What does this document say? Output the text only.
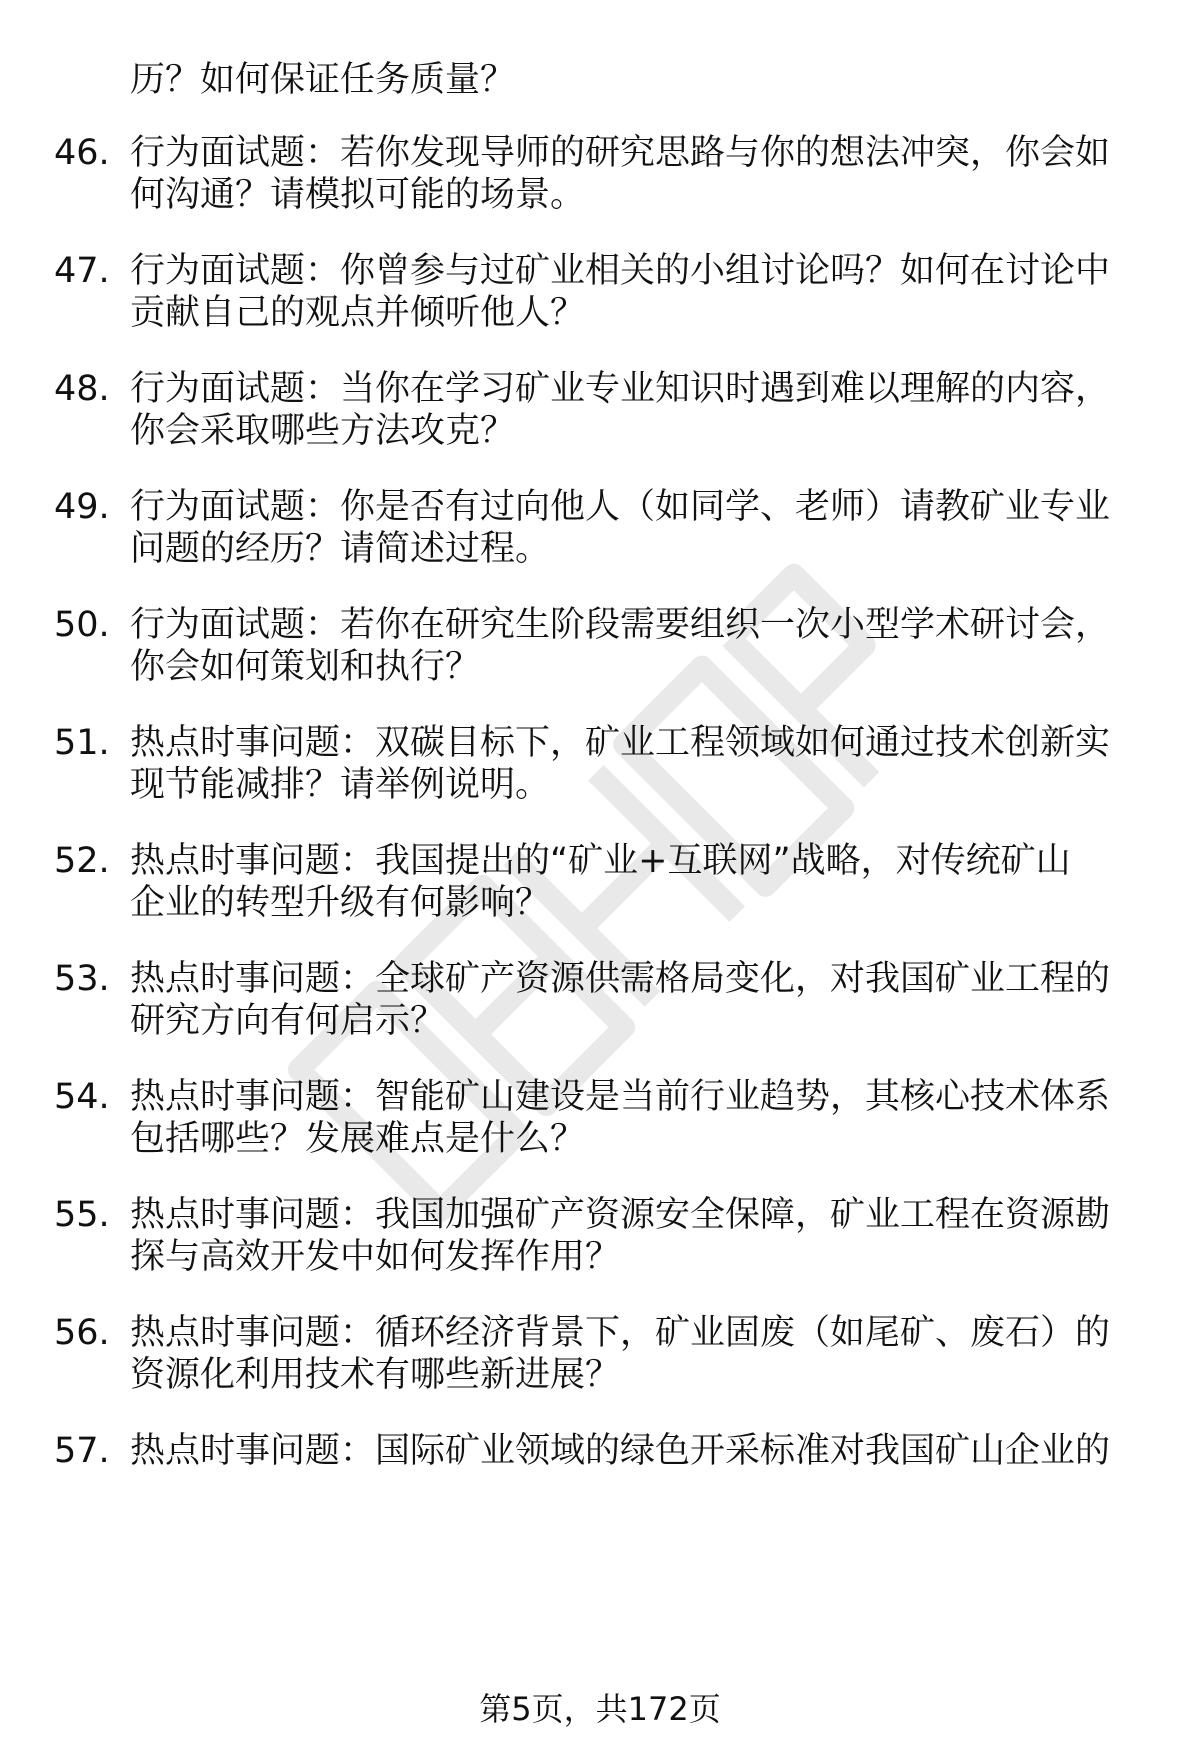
历？如何保证任务质量？
46. 行为面试题：若你发现导师的研究思路与你的想法冲突，你会如
何沟通？请模拟可能的场景。
47. 行为面试题：你曾参与过矿业相关的小组讨论吗？如何在讨论中
贡献自己的观点并倾听他人？
48. 行为面试题：当你在学习矿业专业知识时遇到难以理解的内容，
你会采取哪些方法攻克？
49. 行为面试题：你是否有过向他人（如同学、老师）请教矿业专业
问题的经历？请简述过程。
50. 行为面试题：若你在研究生阶段需要组织一次小型学术研讨会，
你会如何策划和执行？
51. 热点时事问题：双碳目标下，矿业工程领域如何通过技术创新实
现节能减排？请举例说明。
52. 热点时事问题：我国提出的“矿业+互联网”战略，对传统矿山
企业的转型升级有何影响？
53. 热点时事问题：全球矿产资源供需格局变化，对我国矿业工程的
研究方向有何启示？
54. 热点时事问题：智能矿山建设是当前行业趋势，其核心技术体系
包括哪些？发展难点是什么？
55. 热点时事问题：我国加强矿产资源安全保障，矿业工程在资源勘
探与高效开发中如何发挥作用？
56. 热点时事问题：循环经济背景下，矿业固废（如尾矿、废石）的
资源化利用技术有哪些新进展？
57. 热点时事问题：国际矿业领域的绿色开采标准对我国矿山企业的
第5页，共172页
